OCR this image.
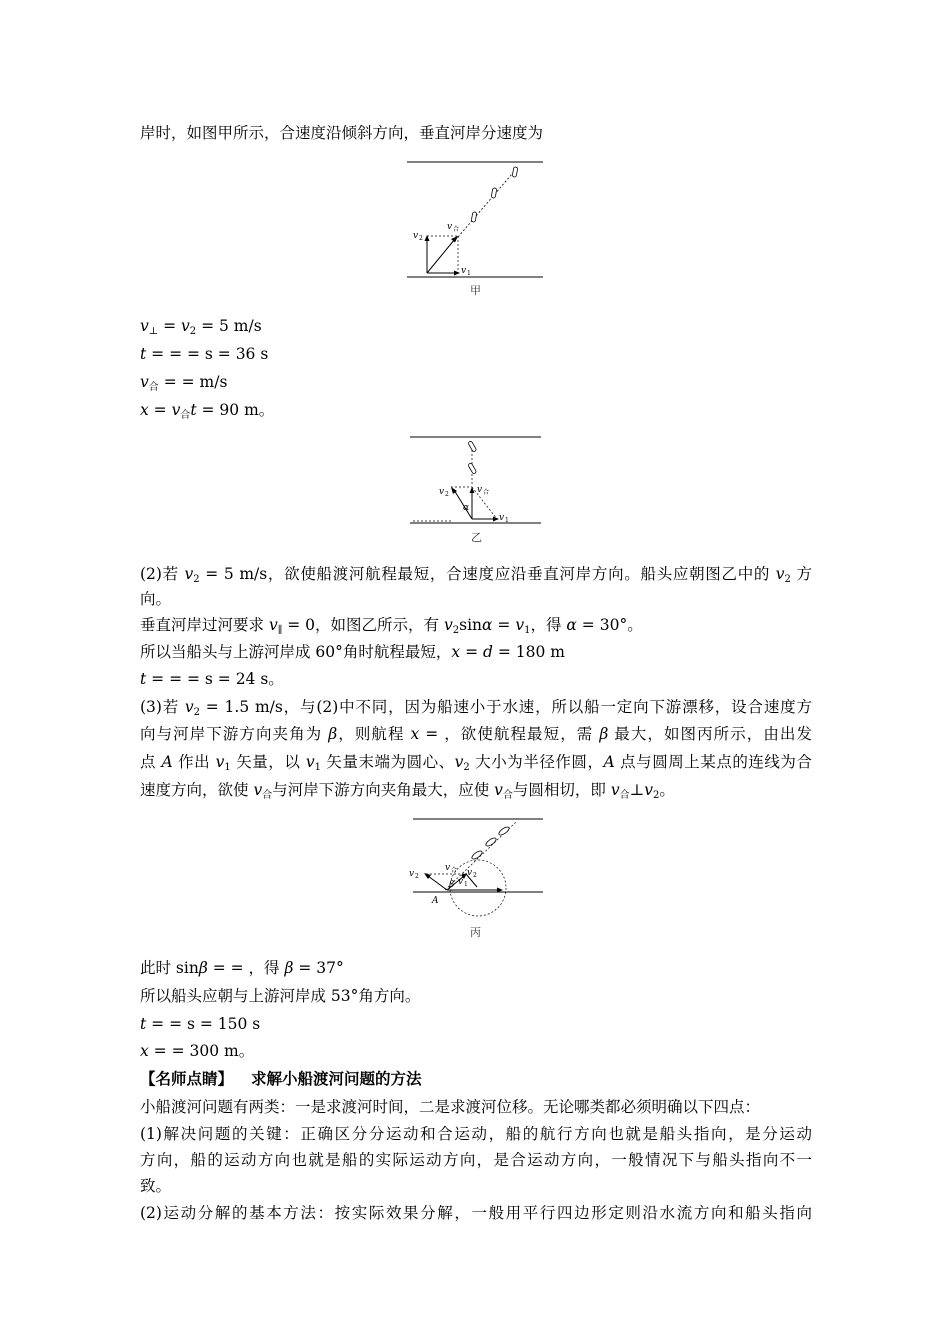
岸时，如图甲所示，合速度沿倾斜方向，垂直河岸分速度为
v 2
v 合
v 1
甲
$v_\perp = v_2 = 5$ m/s
t = = = s = 36 s
$v_合$ = = m/s
$x = v_合t = 90$ m。
v 2	v 合
α
v 1
乙
(2)若 $v_2 = 5$ m/s，欲使船渡河航程最短，合速度应沿垂直河岸方向。船头应朝图乙中的 $v_2$ 方
向。
垂直河岸过河要求 $v_\parallel = 0$，如图乙所示，有 $v_2\sin\alpha = v_1$，得 α = 30°。
所以当船头与上游河岸成 60°角时航程最短，x = d = 180 m
t = = = s = 24 s。
(3)若 $v_2 = 1.5$ m/s，与(2)中不同，因为船速小于水速，所以船一定向下游漂移，设合速度方
向与河岸下游方向夹角为 β，则航程 x = ，欲使航程最短，需 β 最大，如图丙所示，由出发
点 A 作出 $v_1$ 矢量，以 $v_1$ 矢量末端为圆心、$v_2$ 大小为半径作圆，A 点与圆周上某点的连线为合
速度方向，欲使 $v_合$与河岸下游方向夹角最大，应使 $v_合$与圆相切，即 $v_合\perp v_2$。
v 2
v 合 v 2
v 1
β
A
丙
此时 sinβ = = ，得 β = 37°
所以船头应朝与上游河岸成 53°角方向。
t = = s = 150 s
x = = 300 m。
【名师点睛】 求解小船渡河问题的方法
小船渡河问题有两类：一是求渡河时间，二是求渡河位移。无论哪类都必须明确以下四点：
(1)解决问题的关键：正确区分分运动和合运动，船的航行方向也就是船头指向，是分运动
方向，船的运动方向也就是船的实际运动方向，是合运动方向，一般情况下与船头指向不一
致。
(2)运动分解的基本方法：按实际效果分解，一般用平行四边形定则沿水流方向和船头指向
